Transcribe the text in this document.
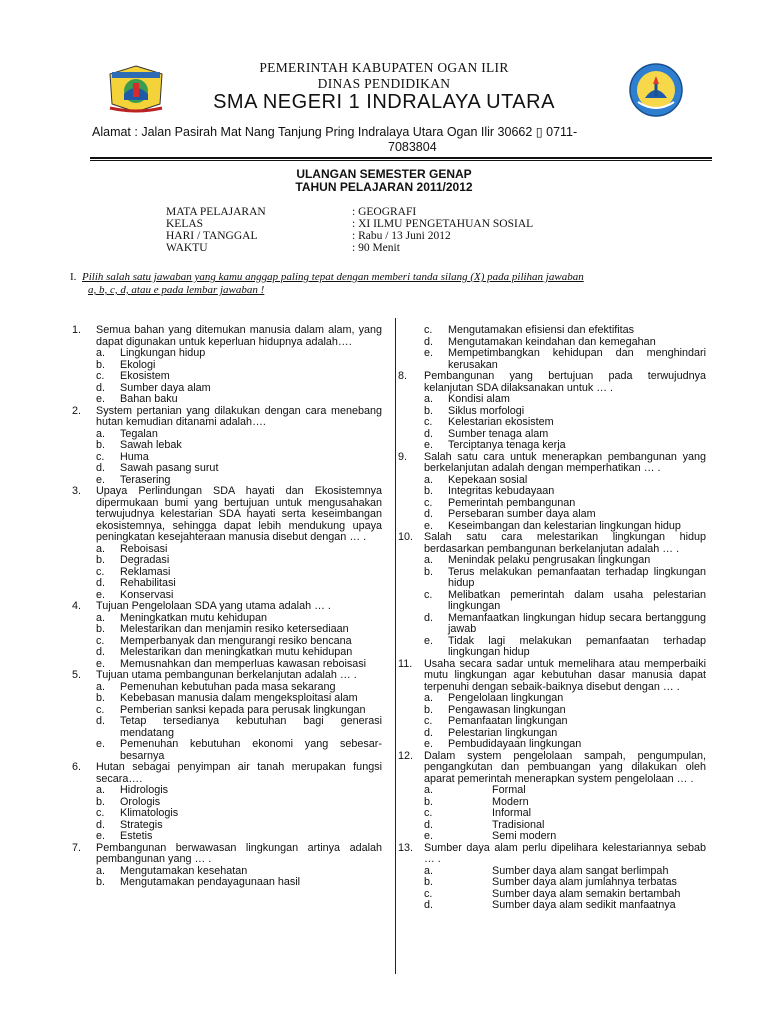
PEMERINTAH KABUPATEN OGAN ILIR
DINAS PENDIDIKAN
SMA NEGERI 1 INDRALAYA UTARA
Alamat : Jalan Pasirah Mat Nang Tanjung Pring Indralaya Utara Ogan Ilir 30662 ▯ 0711-
7083804
ULANGAN SEMESTER GENAP
TAHUN PELAJARAN 2011/2012
MATA PELAJARAN	: GEOGRAFI
KELAS	: XI ILMU PENGETAHUAN SOSIAL
HARI / TANGGAL	: Rabu / 13 Juni 2012
WAKTU	: 90 Menit
I. Pilih salah satu jawaban yang kamu anggap paling tepat dengan memberi tanda silang (X) pada pilihan jawaban
a, b, c, d, atau e pada lembar jawaban !
1. Semua bahan yang ditemukan manusia dalam alam, yang dapat digunakan untuk keperluan hidupnya adalah….
a. Lingkungan hidup
b. Ekologi
c. Ekosistem
d. Sumber daya alam
e. Bahan baku
2. System pertanian yang dilakukan dengan cara menebang hutan kemudian ditanami adalah….
a. Tegalan
b. Sawah lebak
c. Huma
d. Sawah pasang surut
e. Terasering
3. Upaya Perlindungan SDA hayati dan Ekosistemnya dipermukaan bumi yang bertujuan untuk mengusahakan terwujudnya kelestarian SDA hayati serta keseimbangan ekosistemnya, sehingga dapat lebih mendukung upaya peningkatan kesejahteraan manusia disebut dengan … .
a. Reboisasi
b. Degradasi
c. Reklamasi
d. Rehabilitasi
e. Konservasi
4. Tujuan Pengelolaan SDA yang utama adalah … .
a. Meningkatkan mutu kehidupan
b. Melestarikan dan menjamin resiko ketersediaan
c. Memperbanyak dan mengurangi resiko bencana
d. Melestarikan dan meningkatkan mutu kehidupan
e. Memusnahkan dan memperluas kawasan reboisasi
5. Tujuan utama pembangunan berkelanjutan adalah … .
a. Pemenuhan kebutuhan pada masa sekarang
b. Kebebasan manusia dalam mengeksploitasi alam
c. Pemberian sanksi kepada para perusak lingkungan
d. Tetap tersedianya kebutuhan bagi generasi mendatang
e. Pemenuhan kebutuhan ekonomi yang sebesar-besarnya
6. Hutan sebagai penyimpan air tanah merupakan fungsi secara….
a. Hidrologis
b. Orologis
c. Klimatologis
d. Strategis
e. Estetis
7. Pembangunan berwawasan lingkungan artinya adalah pembangunan yang … .
a. Mengutamakan kesehatan
b. Mengutamakan pendayagunaan hasil
c. Mengutamakan efisiensi dan efektifitas
d. Mengutamakan keindahan dan kemegahan
e. Mempetimbangkan kehidupan dan menghindari kerusakan
8. Pembangunan yang bertujuan pada terwujudnya kelanjutan SDA dilaksanakan untuk … .
a. Kondisi alam
b. Siklus morfologi
c. Kelestarian ekosistem
d. Sumber tenaga alam
e. Terciptanya tenaga kerja
9. Salah satu cara untuk menerapkan pembangunan yang berkelanjutan adalah dengan memperhatikan … .
a. Kepekaan sosial
b. Integritas kebudayaan
c. Pemerintah pembangunan
d. Persebaran sumber daya alam
e. Keseimbangan dan kelestarian lingkungan hidup
10. Salah satu cara melestarikan lingkungan hidup berdasarkan pembangunan berkelanjutan adalah … .
a. Menindak pelaku pengrusakan lingkungan
b. Terus melakukan pemanfaatan terhadap lingkungan hidup
c. Melibatkan pemerintah dalam usaha pelestarian lingkungan
d. Memanfaatkan lingkungan hidup secara bertanggung jawab
e. Tidak lagi melakukan pemanfaatan terhadap lingkungan hidup
11. Usaha secara sadar untuk memelihara atau memperbaiki mutu lingkungan agar kebutuhan dasar manusia dapat terpenuhi dengan sebaik-baiknya disebut dengan … .
a. Pengelolaan lingkungan
b. Pengawasan lingkungan
c. Pemanfaatan lingkungan
d. Pelestarian lingkungan
e. Pembudidayaan lingkungan
12. Dalam system pengelolaan sampah, pengumpulan, pengangkutan dan pembuangan yang dilakukan oleh aparat pemerintah menerapkan system pengelolaan … .
a.	Formal
b.	Modern
c.	Informal
d.	Tradisional
e.	Semi modern
13. Sumber daya alam perlu dipelihara kelestariannya sebab … .
a.	Sumber daya alam sangat berlimpah
b.	Sumber daya alam jumlahnya terbatas
c.	Sumber daya alam semakin bertambah
d.	Sumber daya alam sedikit manfaatnya
